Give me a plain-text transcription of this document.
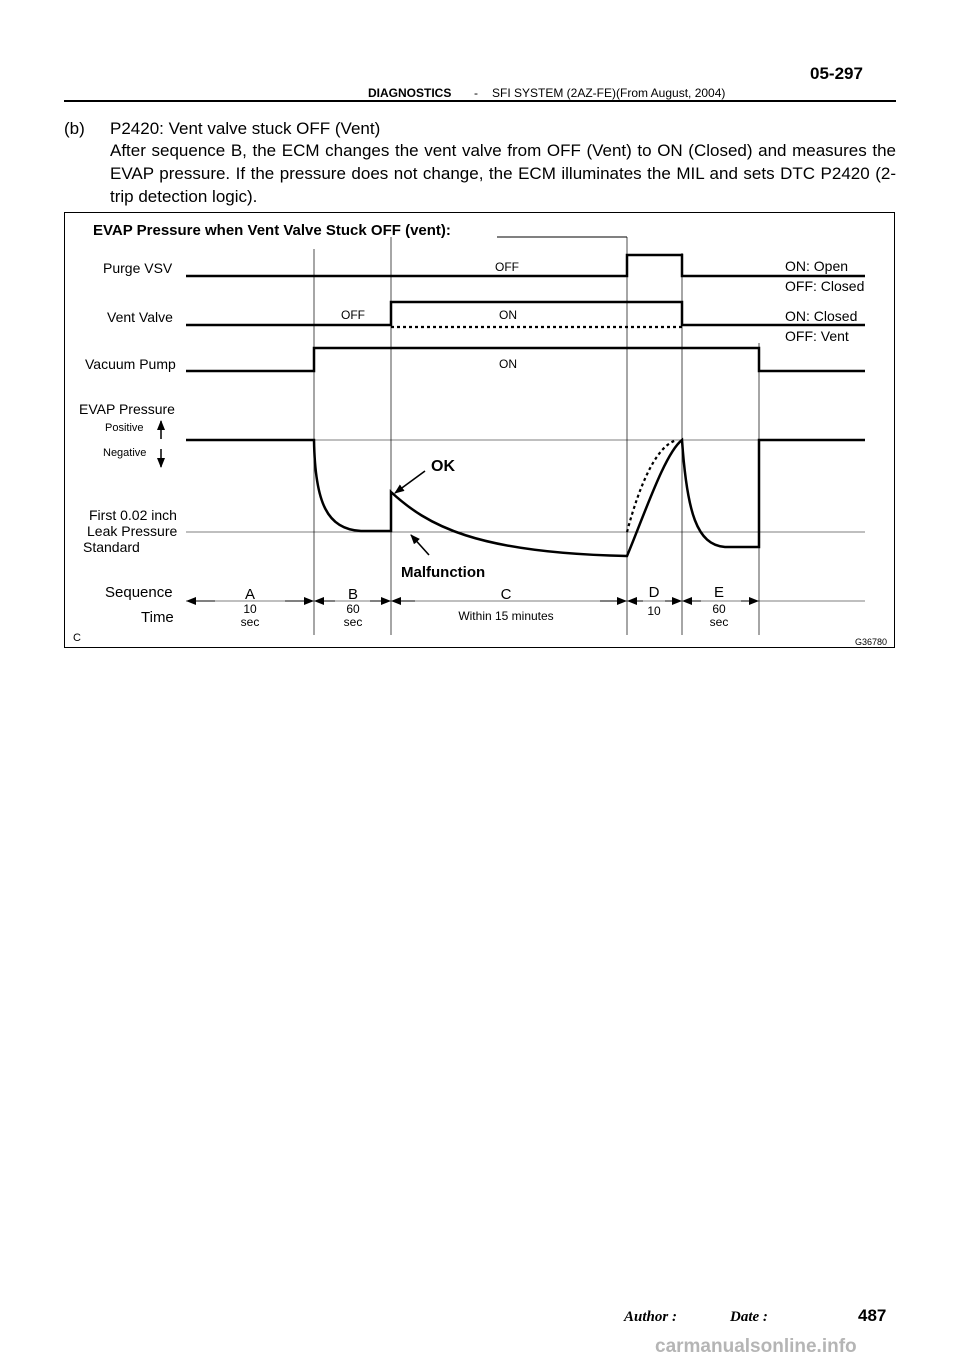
05-297
DIAGNOSTICS - SFI SYSTEM (2AZ-FE)(From August, 2004)
(b) P2420: Vent valve stuck OFF (Vent)
After sequence B, the ECM changes the vent valve from OFF (Vent) to ON (Closed) and measures the EVAP pressure. If the pressure does not change, the ECM illuminates the MIL and sets DTC P2420 (2-trip detection logic).
EVAP Pressure when Vent Valve Stuck OFF (vent):
Purge VSV
Vent Valve
Vacuum Pump
EVAP Pressure
Positive
Negative
First 0.02 inch
Leak Pressure
Standard
Sequence
Time
OFF
OFF	ON
ON
OK
Malfunction
ON: Open
OFF: Closed
ON: Closed
OFF: Vent
A
10
sec
B
60
sec
C
Within 15 minutes
D
10
E
60
sec
C	G36780
Author :	Date :	487
carmanualsonline.info
